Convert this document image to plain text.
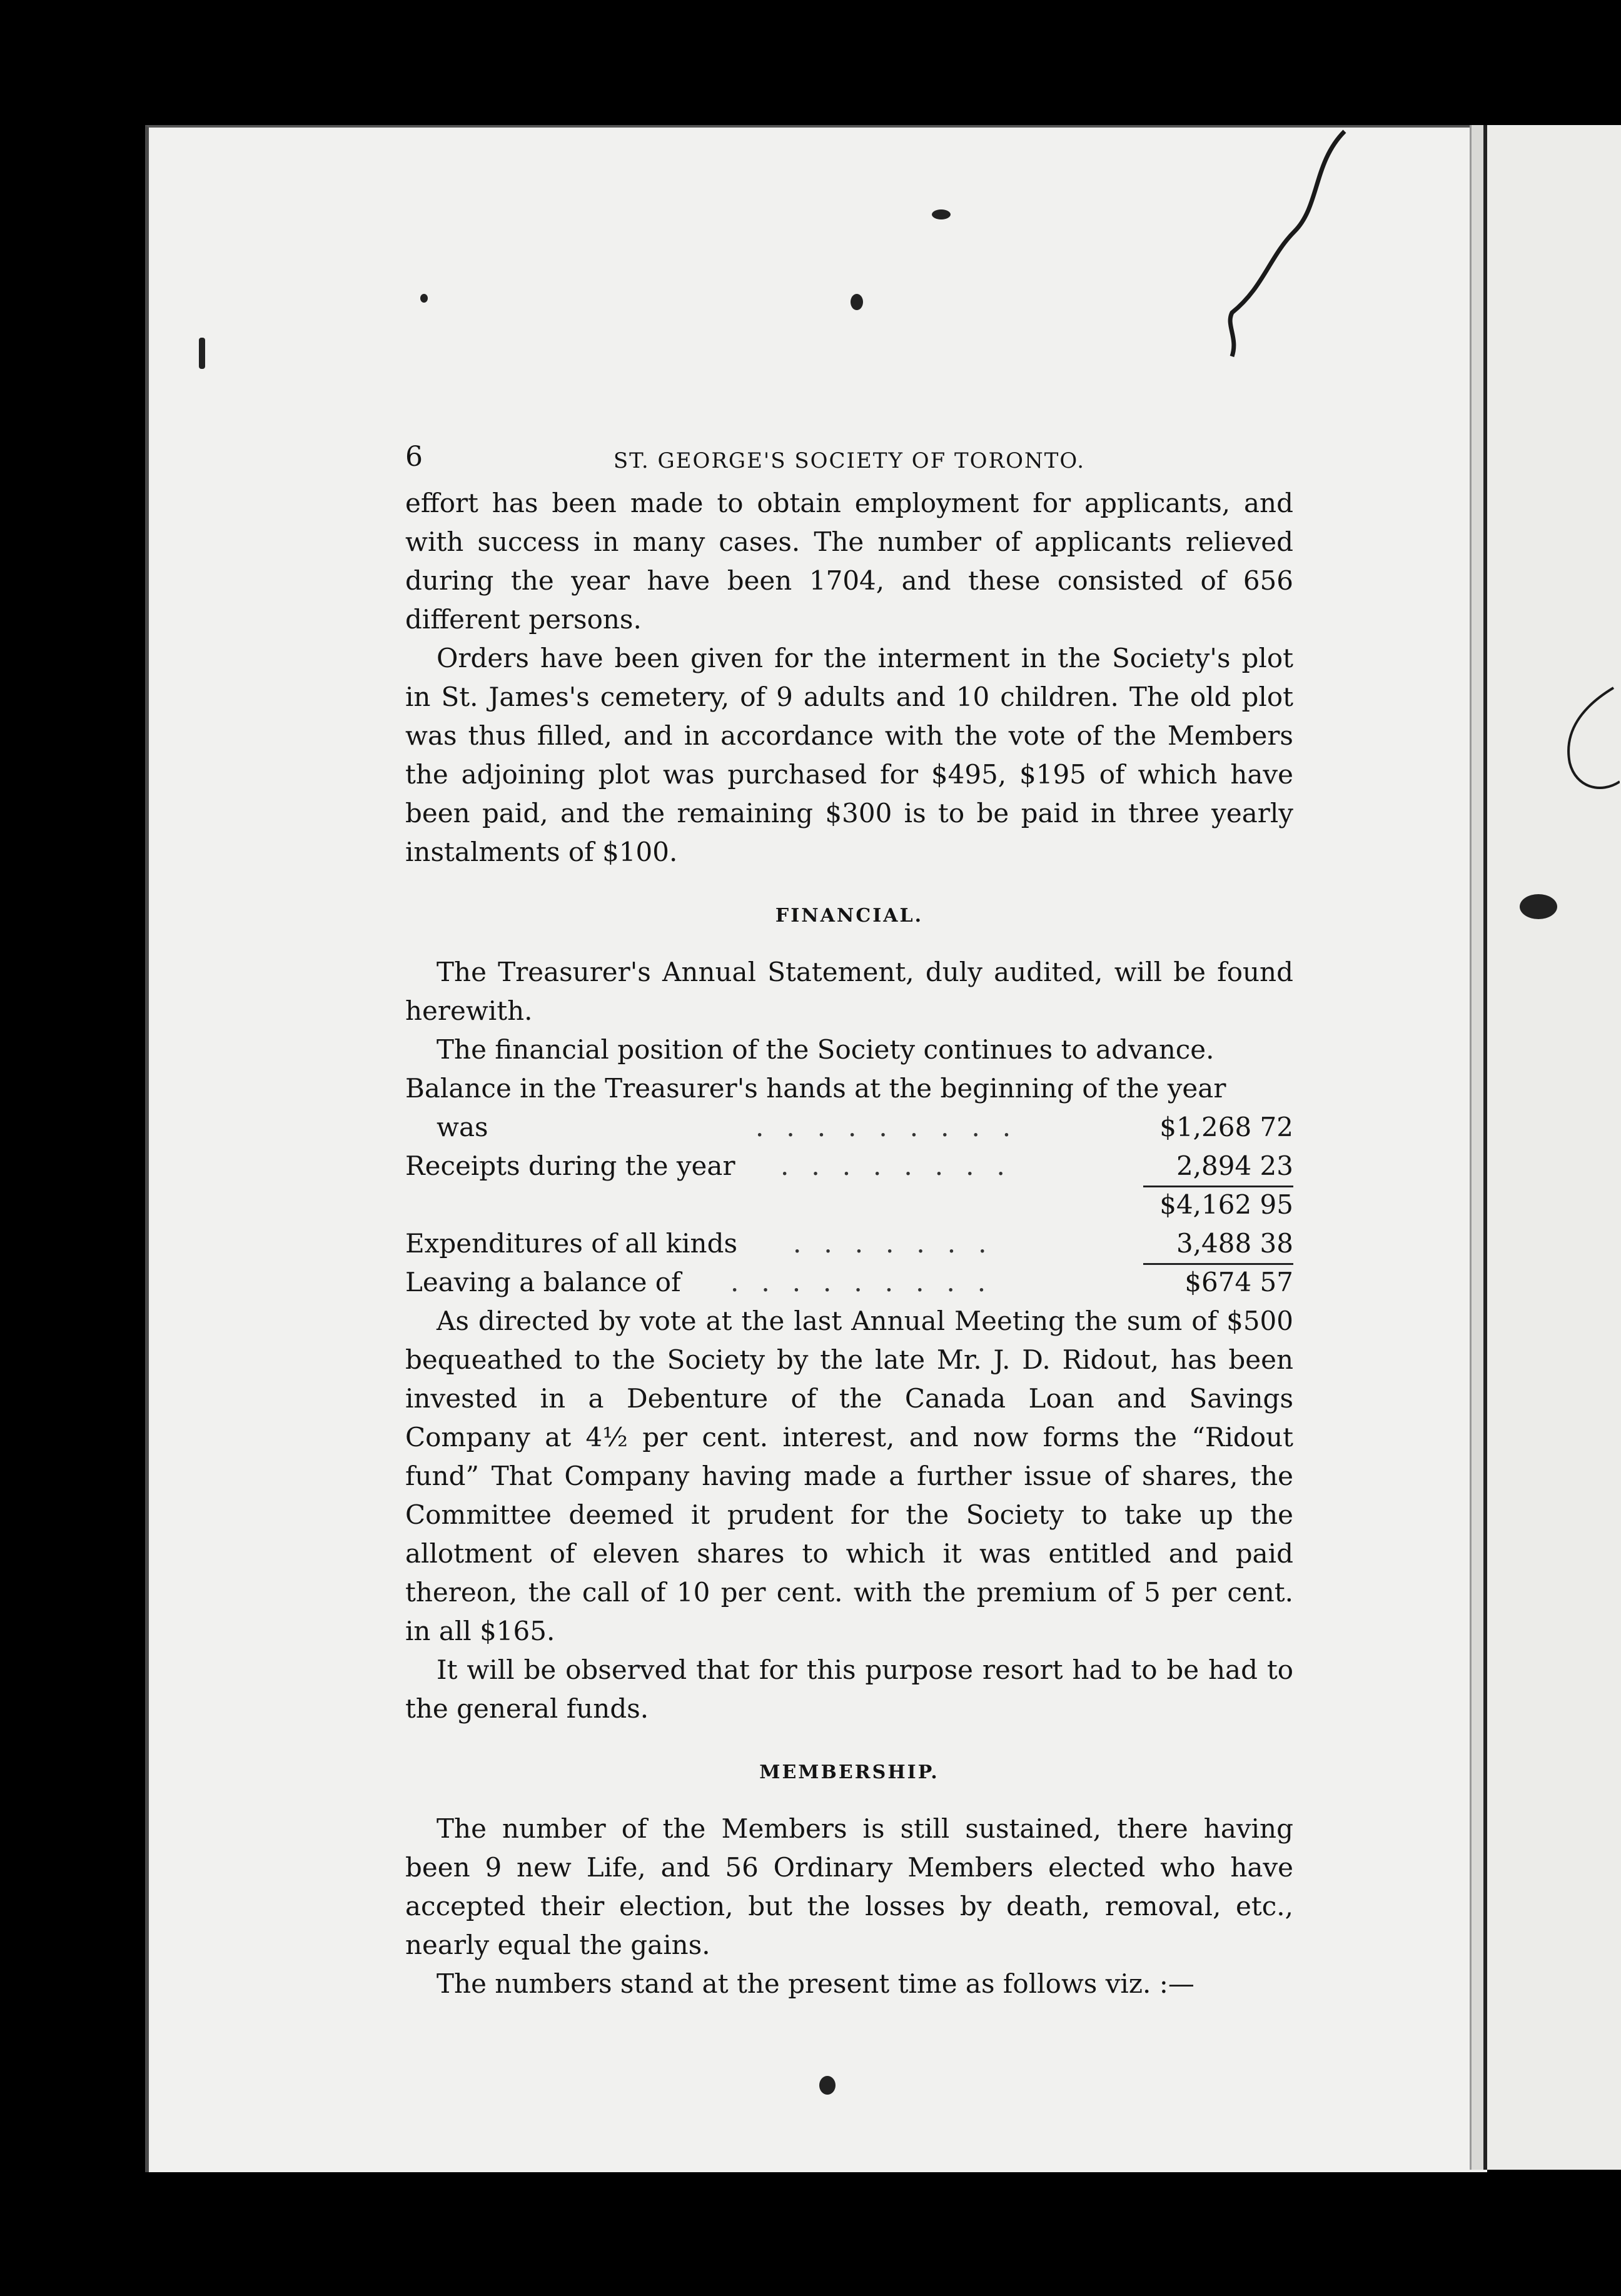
6	ST. GEORGE'S SOCIETY OF TORONTO.

effort has been made to obtain employment for applicants, and with success in many cases. The number of applicants relieved during the year have been 1704, and these consisted of 656 different persons.

Orders have been given for the interment in the Society's plot in St. James's cemetery, of 9 adults and 10 children. The old plot was thus filled, and in accordance with the vote of the Members the adjoining plot was purchased for $495, $195 of which have been paid, and the remaining $300 is to be paid in three yearly instalments of $100.

FINANCIAL.

The Treasurer's Annual Statement, duly audited, will be found herewith.

The financial position of the Society continues to advance.

Balance in the Treasurer's hands at the beginning of the year
was	.........	$1,268 72
Receipts during the year ........	2,894 23
$4,162 95
Expenditures of all kinds .......	3,488 38
Leaving a balance of .........	$674 57

As directed by vote at the last Annual Meeting the sum of $500 bequeathed to the Society by the late Mr. J. D. Ridout, has been invested in a Debenture of the Canada Loan and Savings Company at 4½ per cent. interest, and now forms the “Ridout fund” That Company having made a further issue of shares, the Committee deemed it prudent for the Society to take up the allotment of eleven shares to which it was entitled and paid thereon, the call of 10 per cent. with the premium of 5 per cent. in all $165.

It will be observed that for this purpose resort had to be had to the general funds.

MEMBERSHIP.

The number of the Members is still sustained, there having been 9 new Life, and 56 Ordinary Members elected who have accepted their election, but the losses by death, removal, etc., nearly equal the gains.

The numbers stand at the present time as follows viz. :—
